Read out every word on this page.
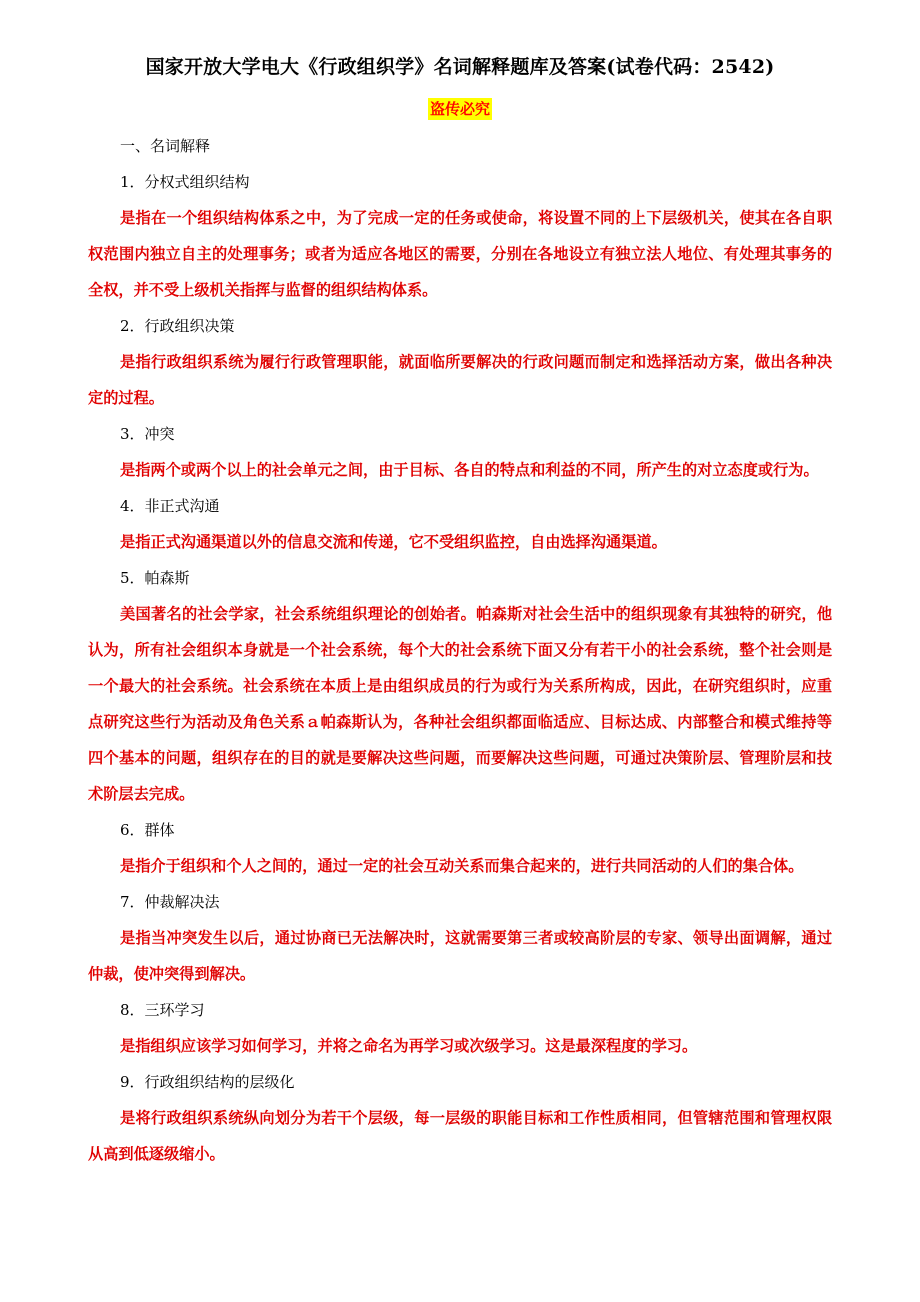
国家开放大学电大《行政组织学》名词解释题库及答案(试卷代码：2542)
盗传必究
一、名词解释
1．分权式组织结构
是指在一个组织结构体系之中，为了完成一定的任务或使命，将设置不同的上下层级机关，使其在各自职权范围内独立自主的处理事务；或者为适应各地区的需要，分别在各地设立有独立法人地位、有处理其事务的全权，并不受上级机关指挥与监督的组织结构体系。
2．行政组织决策
是指行政组织系统为履行行政管理职能，就面临所要解决的行政问题而制定和选择活动方案，做出各种决定的过程。
3．冲突
是指两个或两个以上的社会单元之间，由于目标、各自的特点和利益的不同，所产生的对立态度或行为。
4．非正式沟通
是指正式沟通渠道以外的信息交流和传递，它不受组织监控，自由选择沟通渠道。
5．帕森斯
美国著名的社会学家，社会系统组织理论的创始者。帕森斯对社会生活中的组织现象有其独特的研究，他认为，所有社会组织本身就是一个社会系统，每个大的社会系统下面又分有若干小的社会系统，整个社会则是一个最大的社会系统。社会系统在本质上是由组织成员的行为或行为关系所构成，因此，在研究组织时，应重点研究这些行为活动及角色关系ａ帕森斯认为，各种社会组织都面临适应、目标达成、内部整合和模式维持等四个基本的问题，组织存在的目的就是要解决这些问题，而要解决这些问题，可通过决策阶层、管理阶层和技术阶层去完成。
6．群体
是指介于组织和个人之间的，通过一定的社会互动关系而集合起来的，进行共同活动的人们的集合体。
7．仲裁解决法
是指当冲突发生以后，通过协商已无法解决时，这就需要第三者或较高阶层的专家、领导出面调解，通过仲裁，使冲突得到解决。
8．三环学习
是指组织应该学习如何学习，并将之命名为再学习或次级学习。这是最深程度的学习。
9．行政组织结构的层级化
是将行政组织系统纵向划分为若干个层级，每一层级的职能目标和工作性质相同，但管辖范围和管理权限从高到低逐级缩小。
